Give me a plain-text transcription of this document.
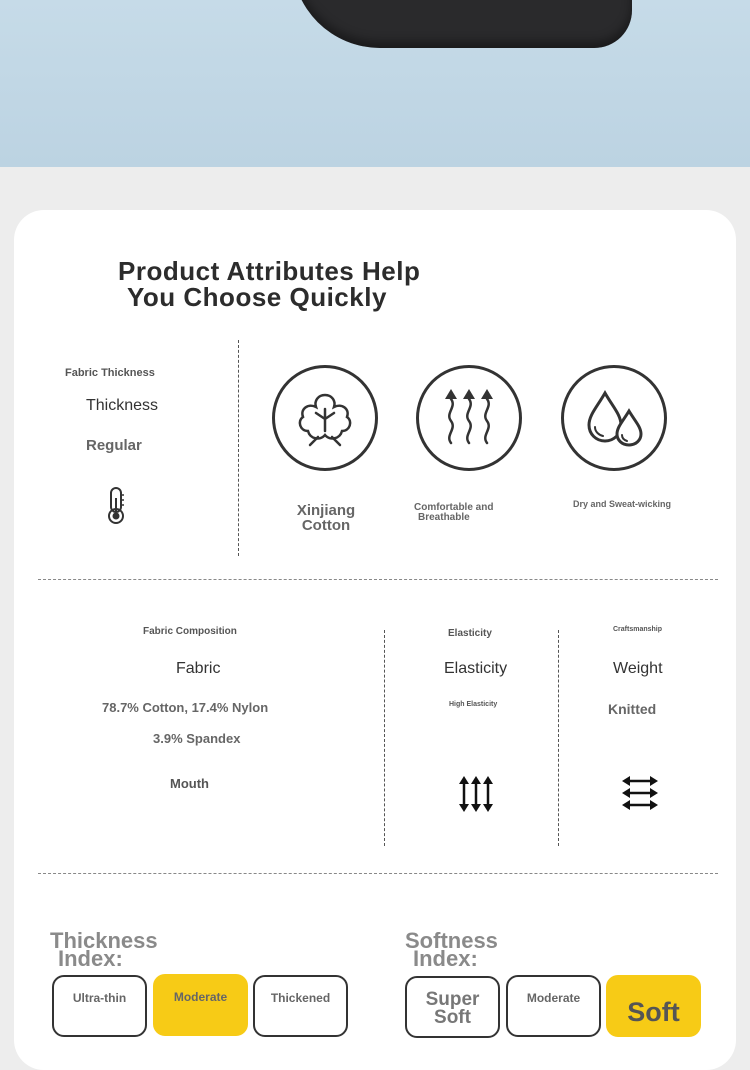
Product Attributes Help
You Choose Quickly
Fabric Thickness
Thickness
Regular
Xinjiang
Cotton
Comfortable and
Breathable
Dry and Sweat-wicking
Fabric Composition
Fabric
78.7% Cotton, 17.4% Nylon
3.9% Spandex
Mouth
Elasticity
Elasticity
High Elasticity
Craftsmanship
Weight
Knitted
Thickness
Index:
Ultra-thin	Moderate	Thickened
Softness
Index:
Super
Soft
Moderate	Soft
